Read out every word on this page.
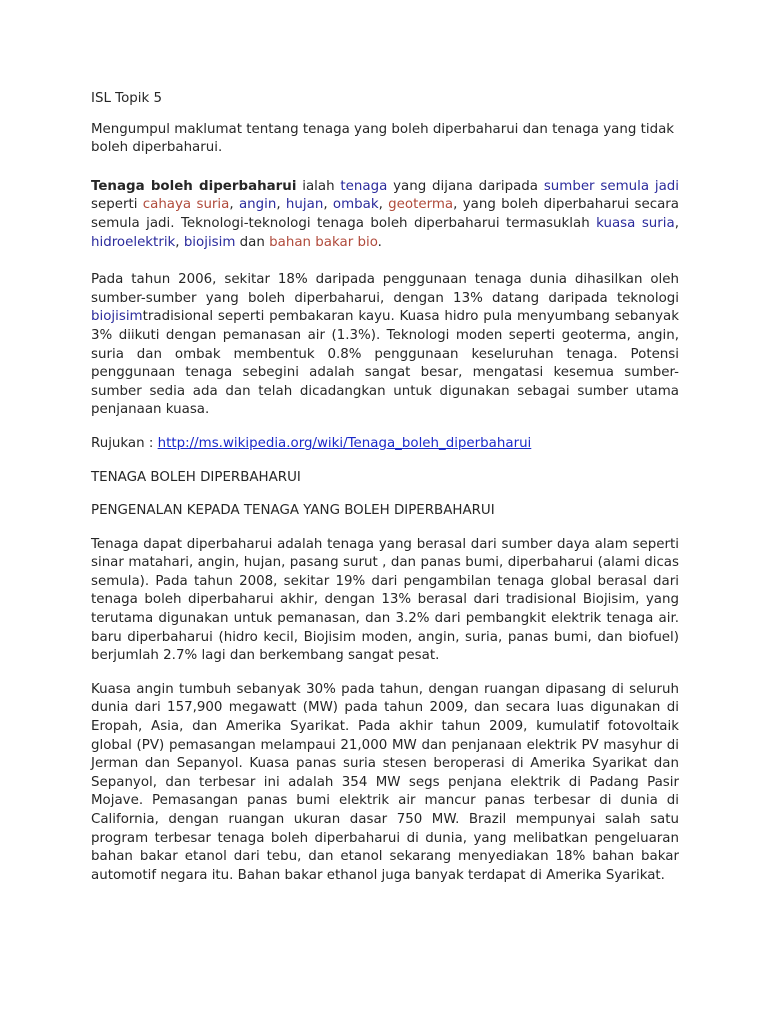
ISL Topik 5

Mengumpul maklumat tentang tenaga yang boleh diperbaharui dan tenaga yang tidak boleh diperbaharui.

Tenaga boleh diperbaharui ialah tenaga yang dijana daripada sumber semula jadi seperti cahaya suria, angin, hujan, ombak, geoterma, yang boleh diperbaharui secara semula jadi. Teknologi-teknologi tenaga boleh diperbaharui termasuklah kuasa suria, hidroelektrik, biojisim dan bahan bakar bio.

Pada tahun 2006, sekitar 18% daripada penggunaan tenaga dunia dihasilkan oleh sumber-sumber yang boleh diperbaharui, dengan 13% datang daripada teknologi biojisimtradisional seperti pembakaran kayu. Kuasa hidro pula menyumbang sebanyak 3% diikuti dengan pemanasan air (1.3%). Teknologi moden seperti geoterma, angin, suria dan ombak membentuk 0.8% penggunaan keseluruhan tenaga. Potensi penggunaan tenaga sebegini adalah sangat besar, mengatasi kesemua sumber-sumber sedia ada dan telah dicadangkan untuk digunakan sebagai sumber utama penjanaan kuasa.

Rujukan : http://ms.wikipedia.org/wiki/Tenaga_boleh_diperbaharui

TENAGA BOLEH DIPERBAHARUI

PENGENALAN KEPADA TENAGA YANG BOLEH DIPERBAHARUI

Tenaga dapat diperbaharui adalah tenaga yang berasal dari sumber daya alam seperti sinar matahari, angin, hujan, pasang surut , dan panas bumi, diperbaharui (alami dicas semula). Pada tahun 2008, sekitar 19% dari pengambilan tenaga global berasal dari tenaga boleh diperbaharui akhir, dengan 13% berasal dari tradisional Biojisim, yang terutama digunakan untuk pemanasan, dan 3.2% dari pembangkit elektrik tenaga air. baru diperbaharui (hidro kecil, Biojisim moden, angin, suria, panas bumi, dan biofuel) berjumlah 2.7% lagi dan berkembang sangat pesat.

Kuasa angin tumbuh sebanyak 30% pada tahun, dengan ruangan dipasang di seluruh dunia dari 157,900 megawatt (MW) pada tahun 2009, dan secara luas digunakan di Eropah, Asia, dan Amerika Syarikat. Pada akhir tahun 2009, kumulatif fotovoltaik global (PV) pemasangan melampaui 21,000 MW dan penjanaan elektrik PV masyhur di Jerman dan Sepanyol. Kuasa panas suria stesen beroperasi di Amerika Syarikat dan Sepanyol, dan terbesar ini adalah 354 MW segs penjana elektrik di Padang Pasir Mojave. Pemasangan panas bumi elektrik air mancur panas terbesar di dunia di California, dengan ruangan ukuran dasar 750 MW. Brazil mempunyai salah satu program terbesar tenaga boleh diperbaharui di dunia, yang melibatkan pengeluaran bahan bakar etanol dari tebu, dan etanol sekarang menyediakan 18% bahan bakar automotif negara itu. Bahan bakar ethanol juga banyak terdapat di Amerika Syarikat.
